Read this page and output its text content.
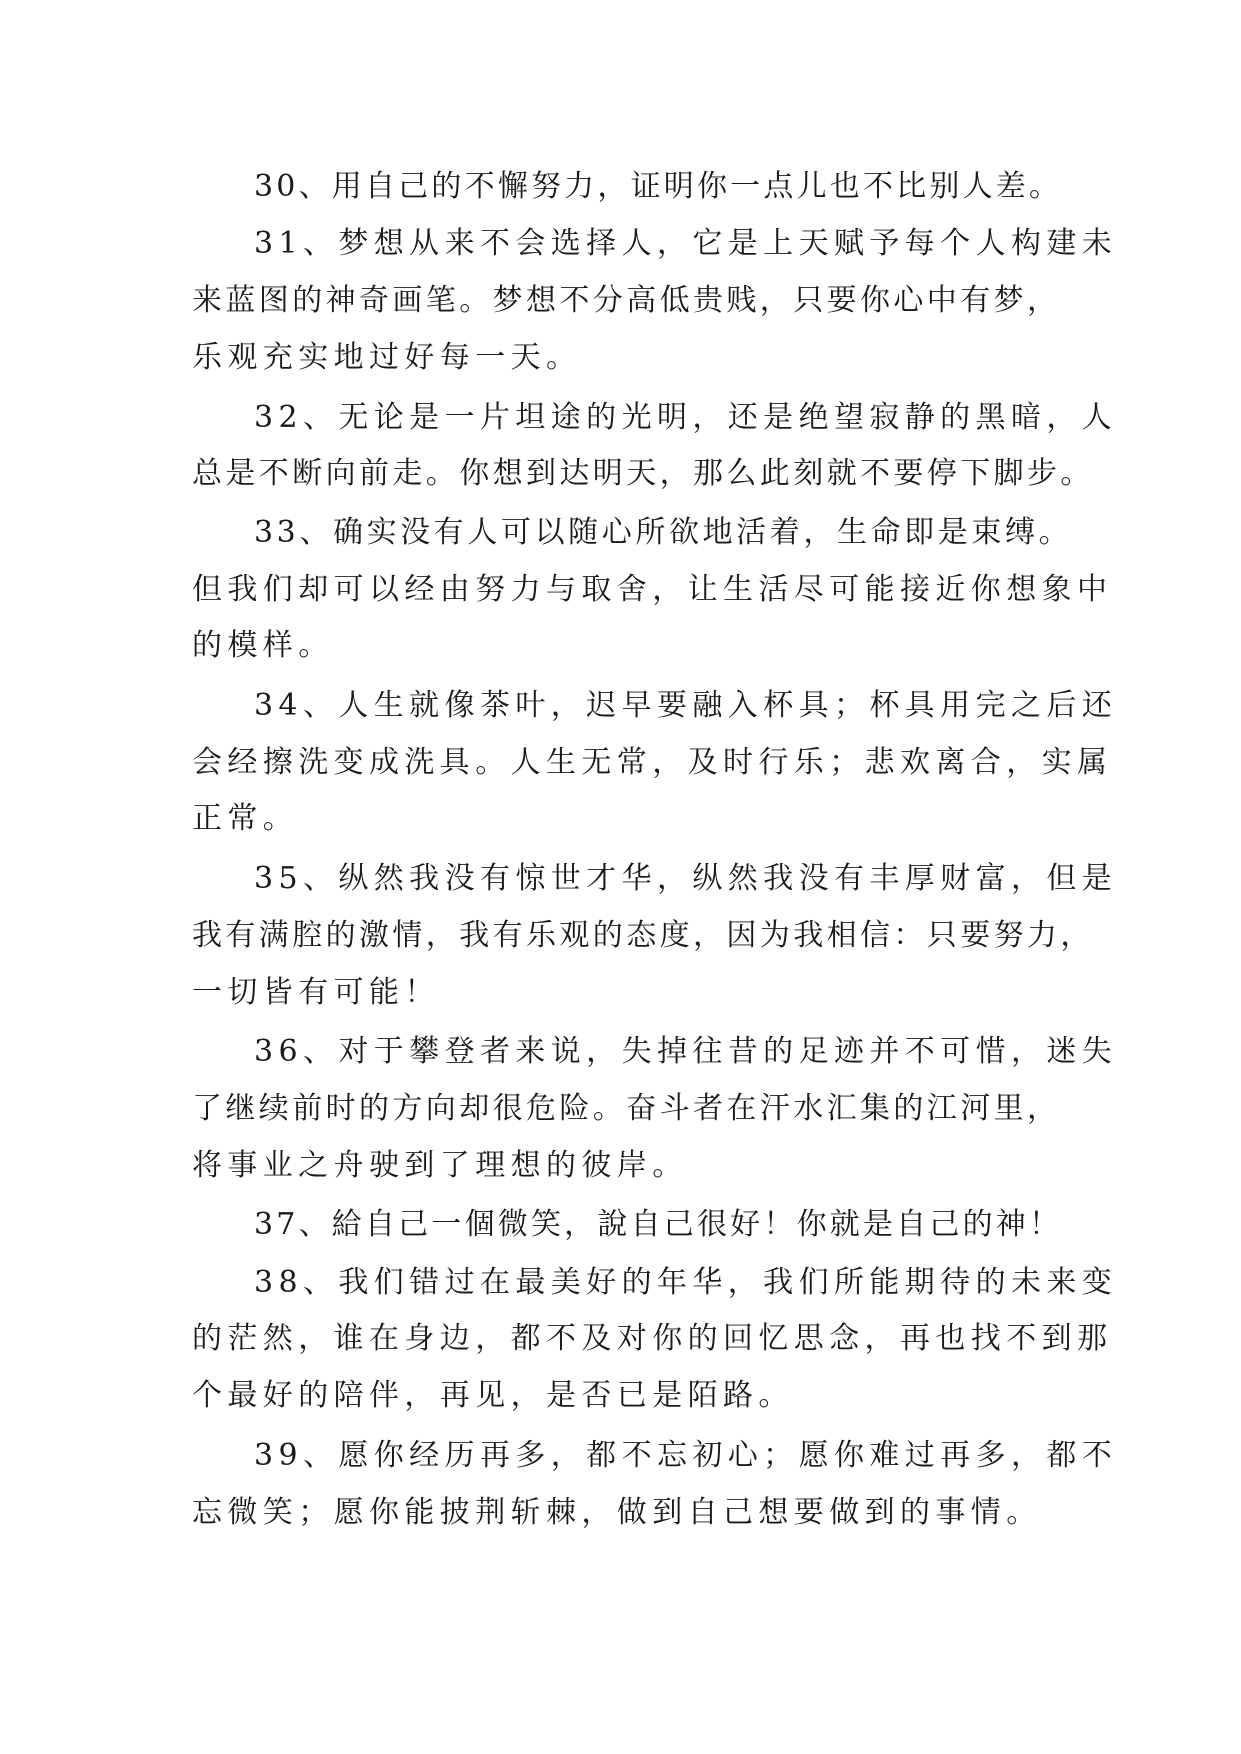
30、用自己的不懈努力，证明你一点儿也不比别人差。
31、梦想从来不会选择人，它是上天赋予每个人构建未
来蓝图的神奇画笔。梦想不分高低贵贱，只要你心中有梦，
乐观充实地过好每一天。
32、无论是一片坦途的光明，还是绝望寂静的黑暗，人
总是不断向前走。你想到达明天，那么此刻就不要停下脚步。
33、确实没有人可以随心所欲地活着，生命即是束缚。
但我们却可以经由努力与取舍，让生活尽可能接近你想象中
的模样。
34、人生就像茶叶，迟早要融入杯具；杯具用完之后还
会经擦洗变成洗具。人生无常，及时行乐；悲欢离合，实属
正常。
35、纵然我没有惊世才华，纵然我没有丰厚财富，但是
我有满腔的激情，我有乐观的态度，因为我相信：只要努力，
一切皆有可能！
36、对于攀登者来说，失掉往昔的足迹并不可惜，迷失
了继续前时的方向却很危险。奋斗者在汗水汇集的江河里，
将事业之舟驶到了理想的彼岸。
37、給自己一個微笑，說自己很好！你就是自己的神！
38、我们错过在最美好的年华，我们所能期待的未来变
的茫然，谁在身边，都不及对你的回忆思念，再也找不到那
个最好的陪伴，再见，是否已是陌路。
39、愿你经历再多，都不忘初心；愿你难过再多，都不
忘微笑；愿你能披荆斩棘，做到自己想要做到的事情。
